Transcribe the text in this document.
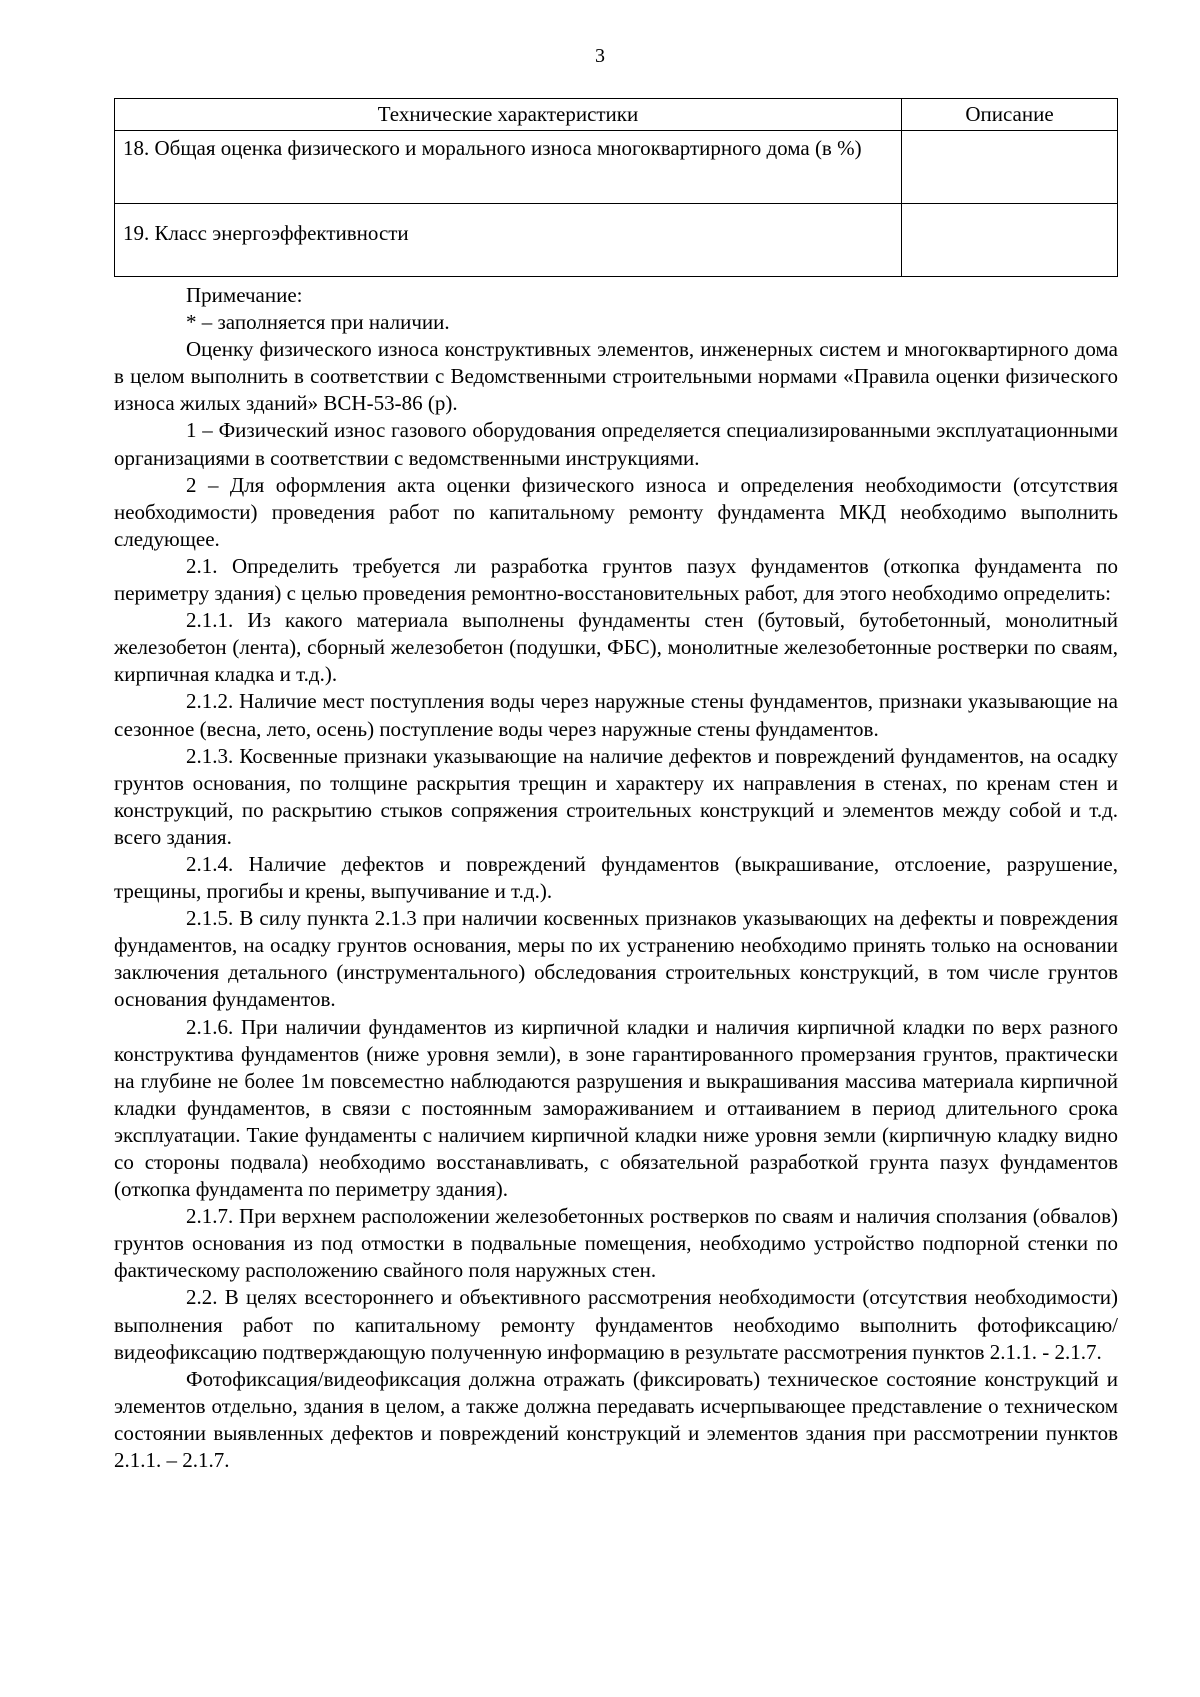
3
Технические характеристики	Описание
18. Общая оценка физического и морального износа многоквартирного дома (в %)	
19. Класс энергоэффективности	

Примечание:

* – заполняется при наличии.

Оценку физического износа конструктивных элементов, инженерных систем и многоквартирного дома в целом выполнить в соответствии с Ведомственными строительными нормами «Правила оценки физического износа жилых зданий» ВСН-53-86 (р).

1 – Физический износ газового оборудования определяется специализированными эксплуатационными организациями в соответствии с ведомственными инструкциями.

2 – Для оформления акта оценки физического износа и определения необходимости (отсутствия необходимости) проведения работ по капитальному ремонту фундамента МКД необходимо выполнить следующее.

2.1. Определить требуется ли разработка грунтов пазух фундаментов (откопка фундамента по периметру здания) с целью проведения ремонтно-восстановительных работ, для этого необходимо определить:

2.1.1. Из какого материала выполнены фундаменты стен (бутовый, бутобетонный, монолитный железобетон (лента), сборный железобетон (подушки, ФБС), монолитные железобетонные ростверки по сваям, кирпичная кладка и т.д.).

2.1.2. Наличие мест поступления воды через наружные стены фундаментов, признаки указывающие на сезонное (весна, лето, осень) поступление воды через наружные стены фундаментов.

2.1.3. Косвенные признаки указывающие на наличие дефектов и повреждений фундаментов, на осадку грунтов основания, по толщине раскрытия трещин и характеру их направления в стенах, по кренам стен и конструкций, по раскрытию стыков сопряжения строительных конструкций и элементов между собой и т.д. всего здания.

2.1.4. Наличие дефектов и повреждений фундаментов (выкрашивание, отслоение, разрушение, трещины, прогибы и крены, выпучивание и т.д.).

2.1.5. В силу пункта 2.1.3 при наличии косвенных признаков указывающих на дефекты и повреждения фундаментов, на осадку грунтов основания, меры по их устранению необходимо принять только на основании заключения детального (инструментального) обследования строительных конструкций, в том числе грунтов основания фундаментов.

2.1.6. При наличии фундаментов из кирпичной кладки и наличия кирпичной кладки по верх разного конструктива фундаментов (ниже уровня земли), в зоне гарантированного промерзания грунтов, практически на глубине не более 1м повсеместно наблюдаются разрушения и выкрашивания массива материала кирпичной кладки фундаментов, в связи с постоянным замораживанием и оттаиванием в период длительного срока эксплуатации. Такие фундаменты с наличием кирпичной кладки ниже уровня земли (кирпичную кладку видно со стороны подвала) необходимо восстанавливать, с обязательной разработкой грунта пазух фундаментов (откопка фундамента по периметру здания).

2.1.7. При верхнем расположении железобетонных ростверков по сваям и наличия сползания (обвалов) грунтов основания из под отмостки в подвальные помещения, необходимо устройство подпорной стенки по фактическому расположению свайного поля наружных стен.

2.2. В целях всестороннего и объективного рассмотрения необходимости (отсутствия необходимости) выполнения работ по капитальному ремонту фундаментов необходимо выполнить фотофиксацию/видеофиксацию подтверждающую полученную информацию в результате рассмотрения пунктов 2.1.1. - 2.1.7.

Фотофиксация/видеофиксация должна отражать (фиксировать) техническое состояние конструкций и элементов отдельно, здания в целом, а также должна передавать исчерпывающее представление о техническом состоянии выявленных дефектов и повреждений конструкций и элементов здания при рассмотрении пунктов 2.1.1. – 2.1.7.
